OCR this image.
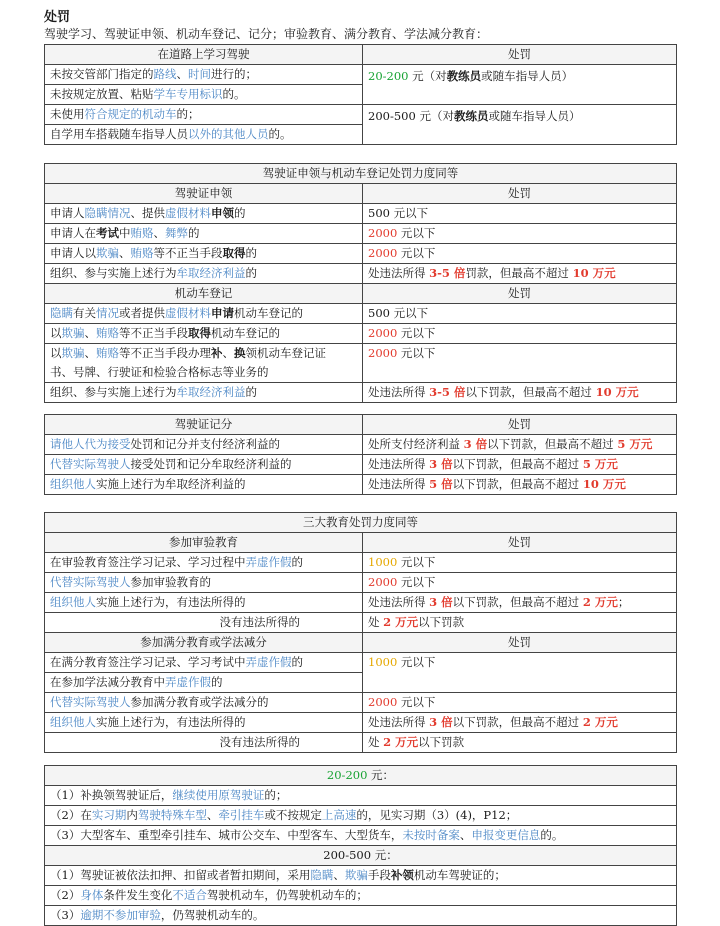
处罚
驾驶学习、驾驶证申领、机动车登记、记分；审验教育、满分教育、学法减分教育：
在道路上学习驾驶	处罚
未按交管部门指定的路线、时间进行的；	20-200 元（对教练员或随车指导人员）
未按规定放置、粘贴学车专用标识的。	
未使用符合规定的机动车的；	200-500 元（对教练员或随车指导人员）
自学用车搭载随车指导人员以外的其他人员的。	
驾驶证申领与机动车登记处罚力度同等	
驾驶证申领	处罚
申请人隐瞒情况、提供虚假材料申领的	500 元以下
申请人在考试中贿赂、舞弊的	2000 元以下
申请人以欺骗、贿赂等不正当手段取得的	2000 元以下
组织、参与实施上述行为牟取经济利益的	处违法所得 3-5 倍罚款，但最高不超过 10 万元
机动车登记	处罚
隐瞒有关情况或者提供虚假材料申请机动车登记的	500 元以下
以欺骗、贿赂等不正当手段取得机动车登记的	2000 元以下
以欺骗、贿赂等不正当手段办理补、换领机动车登记证
书、号牌、行驶证和检验合格标志等业务的	2000 元以下
组织、参与实施上述行为牟取经济利益的	处违法所得 3-5 倍以下罚款，但最高不超过 10 万元
驾驶证记分	处罚
请他人代为接受处罚和记分并支付经济利益的	处所支付经济利益 3 倍以下罚款，但最高不超过 5 万元
代替实际驾驶人接受处罚和记分牟取经济利益的	处违法所得 3 倍以下罚款，但最高不超过 5 万元
组织他人实施上述行为牟取经济利益的	处违法所得 5 倍以下罚款，但最高不超过 10 万元
三大教育处罚力度同等	
参加审验教育	处罚
在审验教育签注学习记录、学习过程中弄虚作假的	1000 元以下
代替实际驾驶人参加审验教育的	2000 元以下
组织他人实施上述行为，有违法所得的	处违法所得 3 倍以下罚款，但最高不超过 2 万元；
没有违法所得的	处 2 万元以下罚款
参加满分教育或学法减分	处罚
在满分教育签注学习记录、学习考试中弄虚作假的	1000 元以下
在参加学法减分教育中弄虚作假的	
代替实际驾驶人参加满分教育或学法减分的	2000 元以下
组织他人实施上述行为，有违法所得的	处违法所得 3 倍以下罚款，但最高不超过 2 万元
没有违法所得的	处 2 万元以下罚款
20-200 元：
（1）补换领驾驶证后，继续使用原驾驶证的；
（2）在实习期内驾驶特殊车型、牵引挂车或不按规定上高速的，见实习期（3）(4)，P12；
（3）大型客车、重型牵引挂车、城市公交车、中型客车、大型货车，未按时备案、申报变更信息的。
200-500 元：
（1）驾驶证被依法扣押、扣留或者暂扣期间，采用隐瞒、欺骗手段补领机动车驾驶证的；
（2）身体条件发生变化不适合驾驶机动车，仍驾驶机动车的；
（3）逾期不参加审验，仍驾驶机动车的。
